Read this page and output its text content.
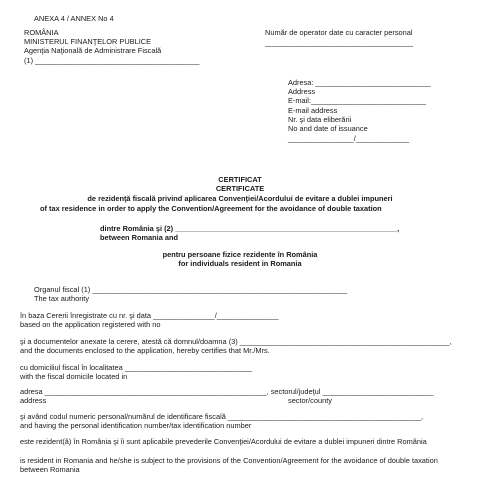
ANEXA 4 / ANNEX No 4
ROMÂNIA
MINISTERUL FINANŢELOR PUBLICE
Agenţia Naţională de Administrare Fiscală
(1) ________________________________________
Număr de operator date cu caracter personal
____________________________________
Adresa: ____________________________
Address
E-mail:____________________________
E-mail address
Nr. şi data eliberării
No and date of issuance
________________/_____________
CERTIFICAT
CERTIFICATE
de rezidenţă fiscală privind aplicarea Convenţiei/Acordului de evitare a dublei impuneri
of tax residence in order to apply the Convention/Agreement for the avoidance of double taxation
dintre România şi (2) ______________________________________________________,
between Romania and
pentru persoane fizice rezidente în România
for individuals resident in Romania
Organul fiscal (1) ______________________________________________________________
The tax authority
în baza Cererii înregistrate cu nr. şi data _______________/_______________
based on the application registered with no
şi a documentelor anexate la cerere, atestă că domnul/doamna (3) ___________________________________________________,
and the documents enclosed to the application, hereby certifies that Mr./Mrs.
cu domiciliul fiscal în localitatea _______________________________
with the fiscal domicile located in
adresa ______________________________________________________, sectorul/judeţul ___________________________
address	sector/county
şi având codul numeric personal/numărul de identificare fiscală _______________________________________________,
and having the personal identification number/tax identification number
este rezident(ă) în România şi îi sunt aplicabile prevederile Convenţiei/Acordului de evitare a dublei impuneri dintre România
is resident in Romania and he/she is subject to the provisions of the Convention/Agreement for the avoidance of double taxation between Romania
